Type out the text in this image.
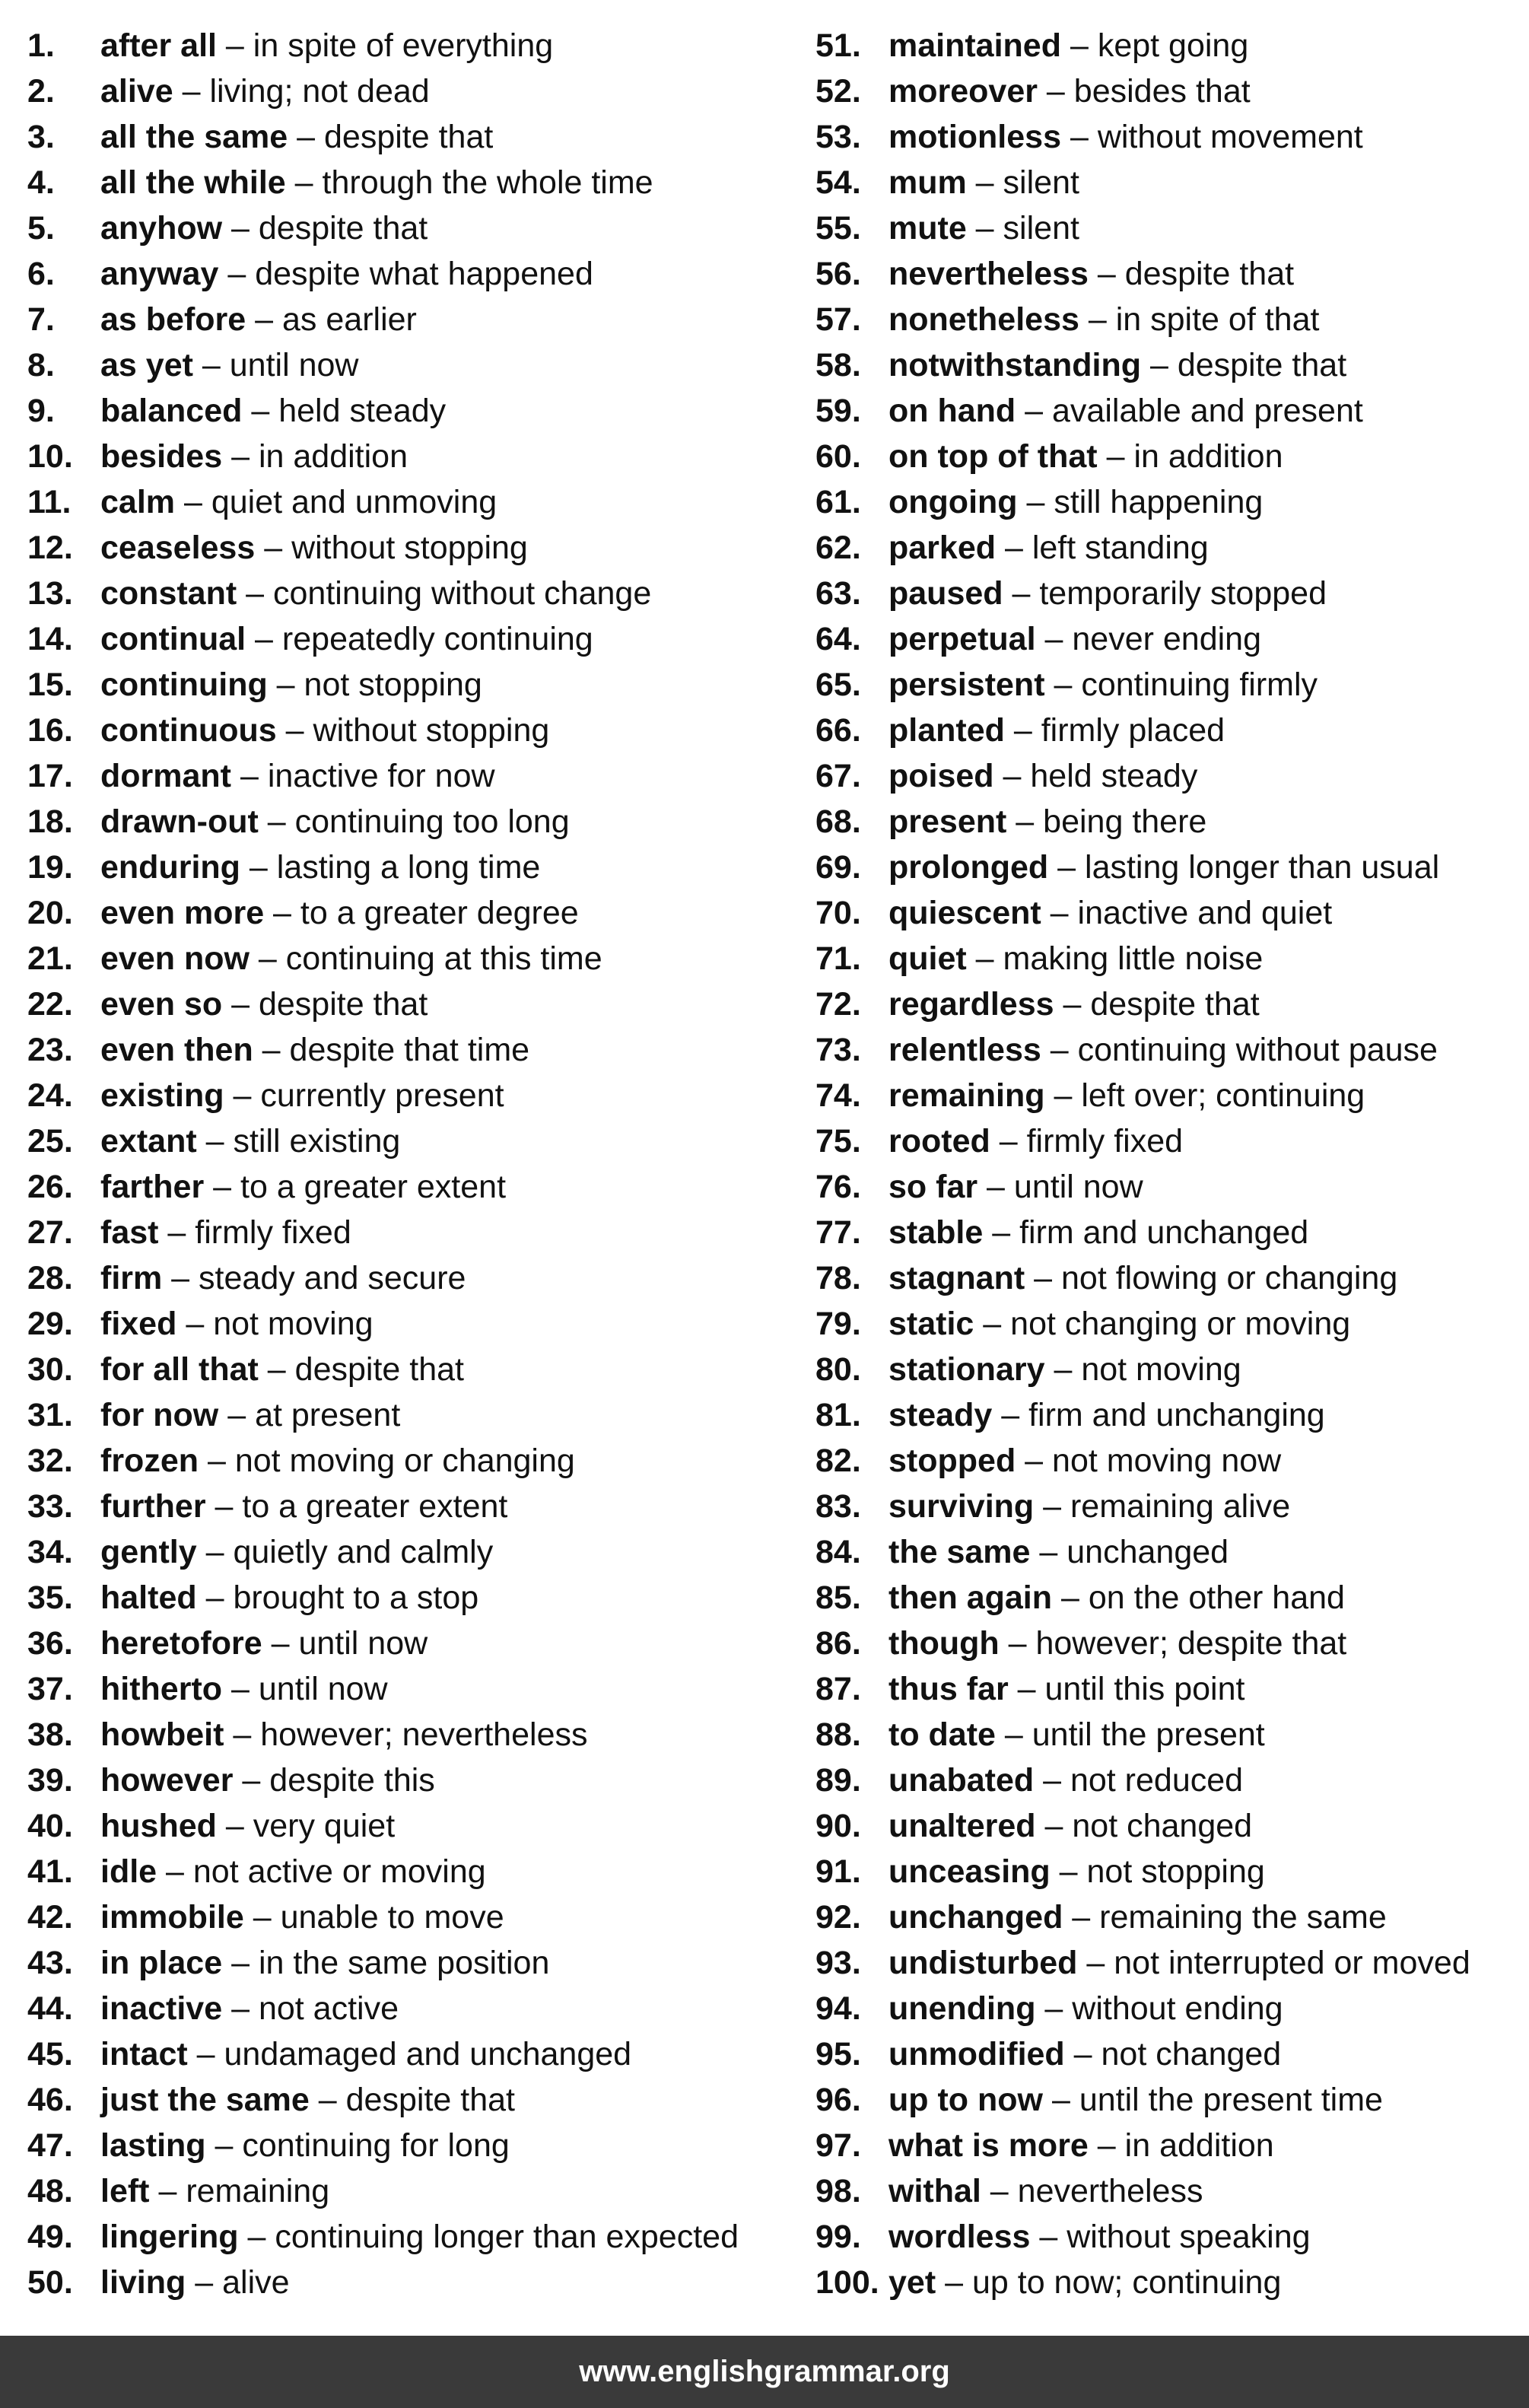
1. after all – in spite of everything
2. alive – living; not dead
3. all the same – despite that
4. all the while – through the whole time
5. anyhow – despite that
6. anyway – despite what happened
7. as before – as earlier
8. as yet – until now
9. balanced – held steady
10. besides – in addition
11. calm – quiet and unmoving
12. ceaseless – without stopping
13. constant – continuing without change
14. continual – repeatedly continuing
15. continuing – not stopping
16. continuous – without stopping
17. dormant – inactive for now
18. drawn-out – continuing too long
19. enduring – lasting a long time
20. even more – to a greater degree
21. even now – continuing at this time
22. even so – despite that
23. even then – despite that time
24. existing – currently present
25. extant – still existing
26. farther – to a greater extent
27. fast – firmly fixed
28. firm – steady and secure
29. fixed – not moving
30. for all that – despite that
31. for now – at present
32. frozen – not moving or changing
33. further – to a greater extent
34. gently – quietly and calmly
35. halted – brought to a stop
36. heretofore – until now
37. hitherto – until now
38. howbeit – however; nevertheless
39. however – despite this
40. hushed – very quiet
41. idle – not active or moving
42. immobile – unable to move
43. in place – in the same position
44. inactive – not active
45. intact – undamaged and unchanged
46. just the same – despite that
47. lasting – continuing for long
48. left – remaining
49. lingering – continuing longer than expected
50. living – alive
51. maintained – kept going
52. moreover – besides that
53. motionless – without movement
54. mum – silent
55. mute – silent
56. nevertheless – despite that
57. nonetheless – in spite of that
58. notwithstanding – despite that
59. on hand – available and present
60. on top of that – in addition
61. ongoing – still happening
62. parked – left standing
63. paused – temporarily stopped
64. perpetual – never ending
65. persistent – continuing firmly
66. planted – firmly placed
67. poised – held steady
68. present – being there
69. prolonged – lasting longer than usual
70. quiescent – inactive and quiet
71. quiet – making little noise
72. regardless – despite that
73. relentless – continuing without pause
74. remaining – left over; continuing
75. rooted – firmly fixed
76. so far – until now
77. stable – firm and unchanged
78. stagnant – not flowing or changing
79. static – not changing or moving
80. stationary – not moving
81. steady – firm and unchanging
82. stopped – not moving now
83. surviving – remaining alive
84. the same – unchanged
85. then again – on the other hand
86. though – however; despite that
87. thus far – until this point
88. to date – until the present
89. unabated – not reduced
90. unaltered – not changed
91. unceasing – not stopping
92. unchanged – remaining the same
93. undisturbed – not interrupted or moved
94. unending – without ending
95. unmodified – not changed
96. up to now – until the present time
97. what is more – in addition
98. withal – nevertheless
99. wordless – without speaking
100. yet – up to now; continuing
www.englishgrammar.org
